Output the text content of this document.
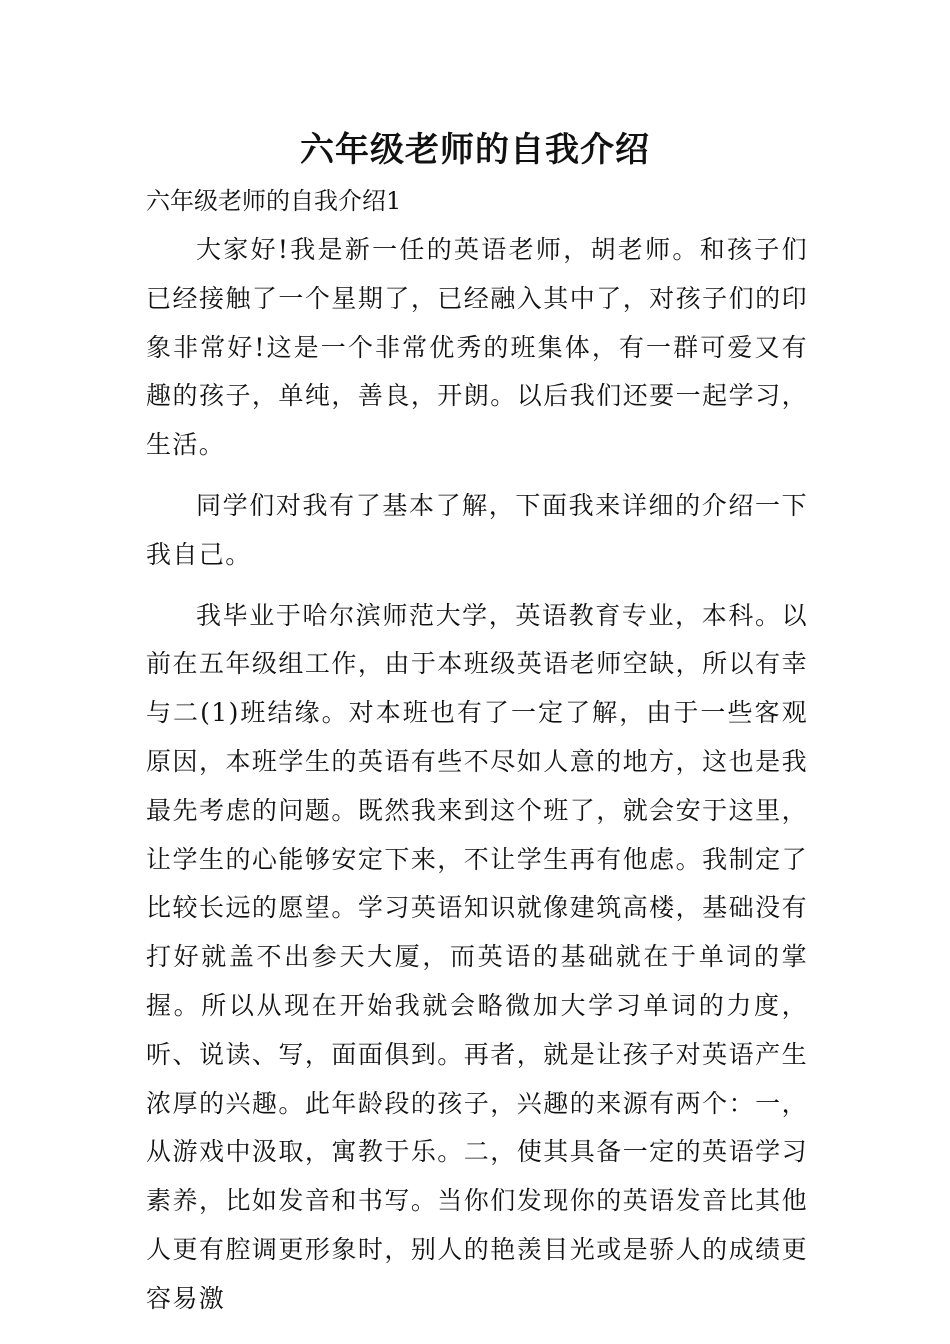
六年级老师的自我介绍

六年级老师的自我介绍1

大家好!我是新一任的英语老师，胡老师。和孩子们已经接触了一个星期了，已经融入其中了，对孩子们的印象非常好!这是一个非常优秀的班集体，有一群可爱又有趣的孩子，单纯，善良，开朗。以后我们还要一起学习，生活。

同学们对我有了基本了解，下面我来详细的介绍一下我自己。

我毕业于哈尔滨师范大学，英语教育专业，本科。以前在五年级组工作，由于本班级英语老师空缺，所以有幸与二(1)班结缘。对本班也有了一定了解，由于一些客观原因，本班学生的英语有些不尽如人意的地方，这也是我最先考虑的问题。既然我来到这个班了，就会安于这里，让学生的心能够安定下来，不让学生再有他虑。我制定了比较长远的愿望。学习英语知识就像建筑高楼，基础没有打好就盖不出参天大厦，而英语的基础就在于单词的掌握。所以从现在开始我就会略微加大学习单词的力度，听、说读、写，面面俱到。再者，就是让孩子对英语产生浓厚的兴趣。此年龄段的孩子，兴趣的来源有两个：一，从游戏中汲取，寓教于乐。二，使其具备一定的英语学习素养，比如发音和书写。当你们发现你的英语发音比其他人更有腔调更形象时，别人的艳羡目光或是骄人的成绩更容易激
